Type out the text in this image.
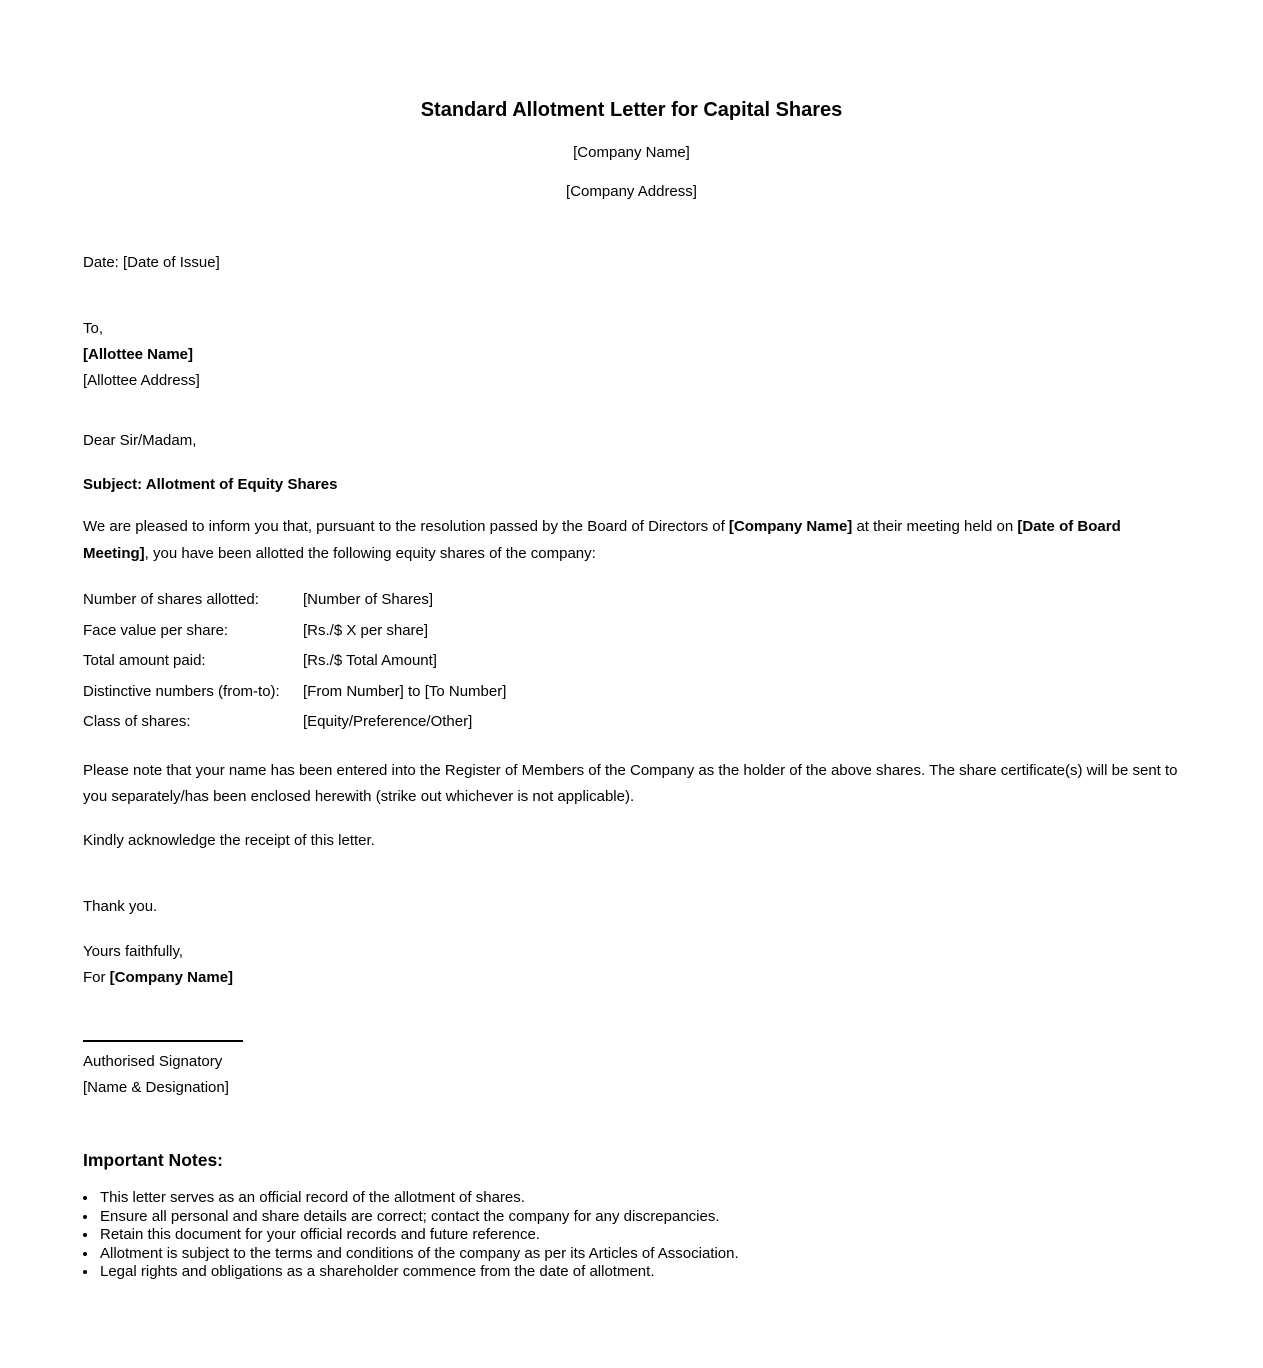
Standard Allotment Letter for Capital Shares
[Company Name]
[Company Address]
Date: [Date of Issue]
To,
[Allottee Name]
[Allottee Address]
Dear Sir/Madam,
Subject: Allotment of Equity Shares

We are pleased to inform you that, pursuant to the resolution passed by the Board of Directors of [Company Name] at their meeting held on [Date of Board Meeting], you have been allotted the following equity shares of the company:

Number of shares allotted:	[Number of Shares]
Face value per share:	[Rs./$ X per share]
Total amount paid:	[Rs./$ Total Amount]
Distinctive numbers (from-to):	[From Number] to [To Number]
Class of shares:	[Equity/Preference/Other]

Please note that your name has been entered into the Register of Members of the Company as the holder of the above shares. The share certificate(s) will be sent to you separately/has been enclosed herewith (strike out whichever is not applicable).

Kindly acknowledge the receipt of this letter.

Thank you.
Yours faithfully,
For [Company Name]
Authorised Signatory
[Name & Designation]
Important Notes:
• This letter serves as an official record of the allotment of shares.
• Ensure all personal and share details are correct; contact the company for any discrepancies.
• Retain this document for your official records and future reference.
• Allotment is subject to the terms and conditions of the company as per its Articles of Association.
• Legal rights and obligations as a shareholder commence from the date of allotment.
